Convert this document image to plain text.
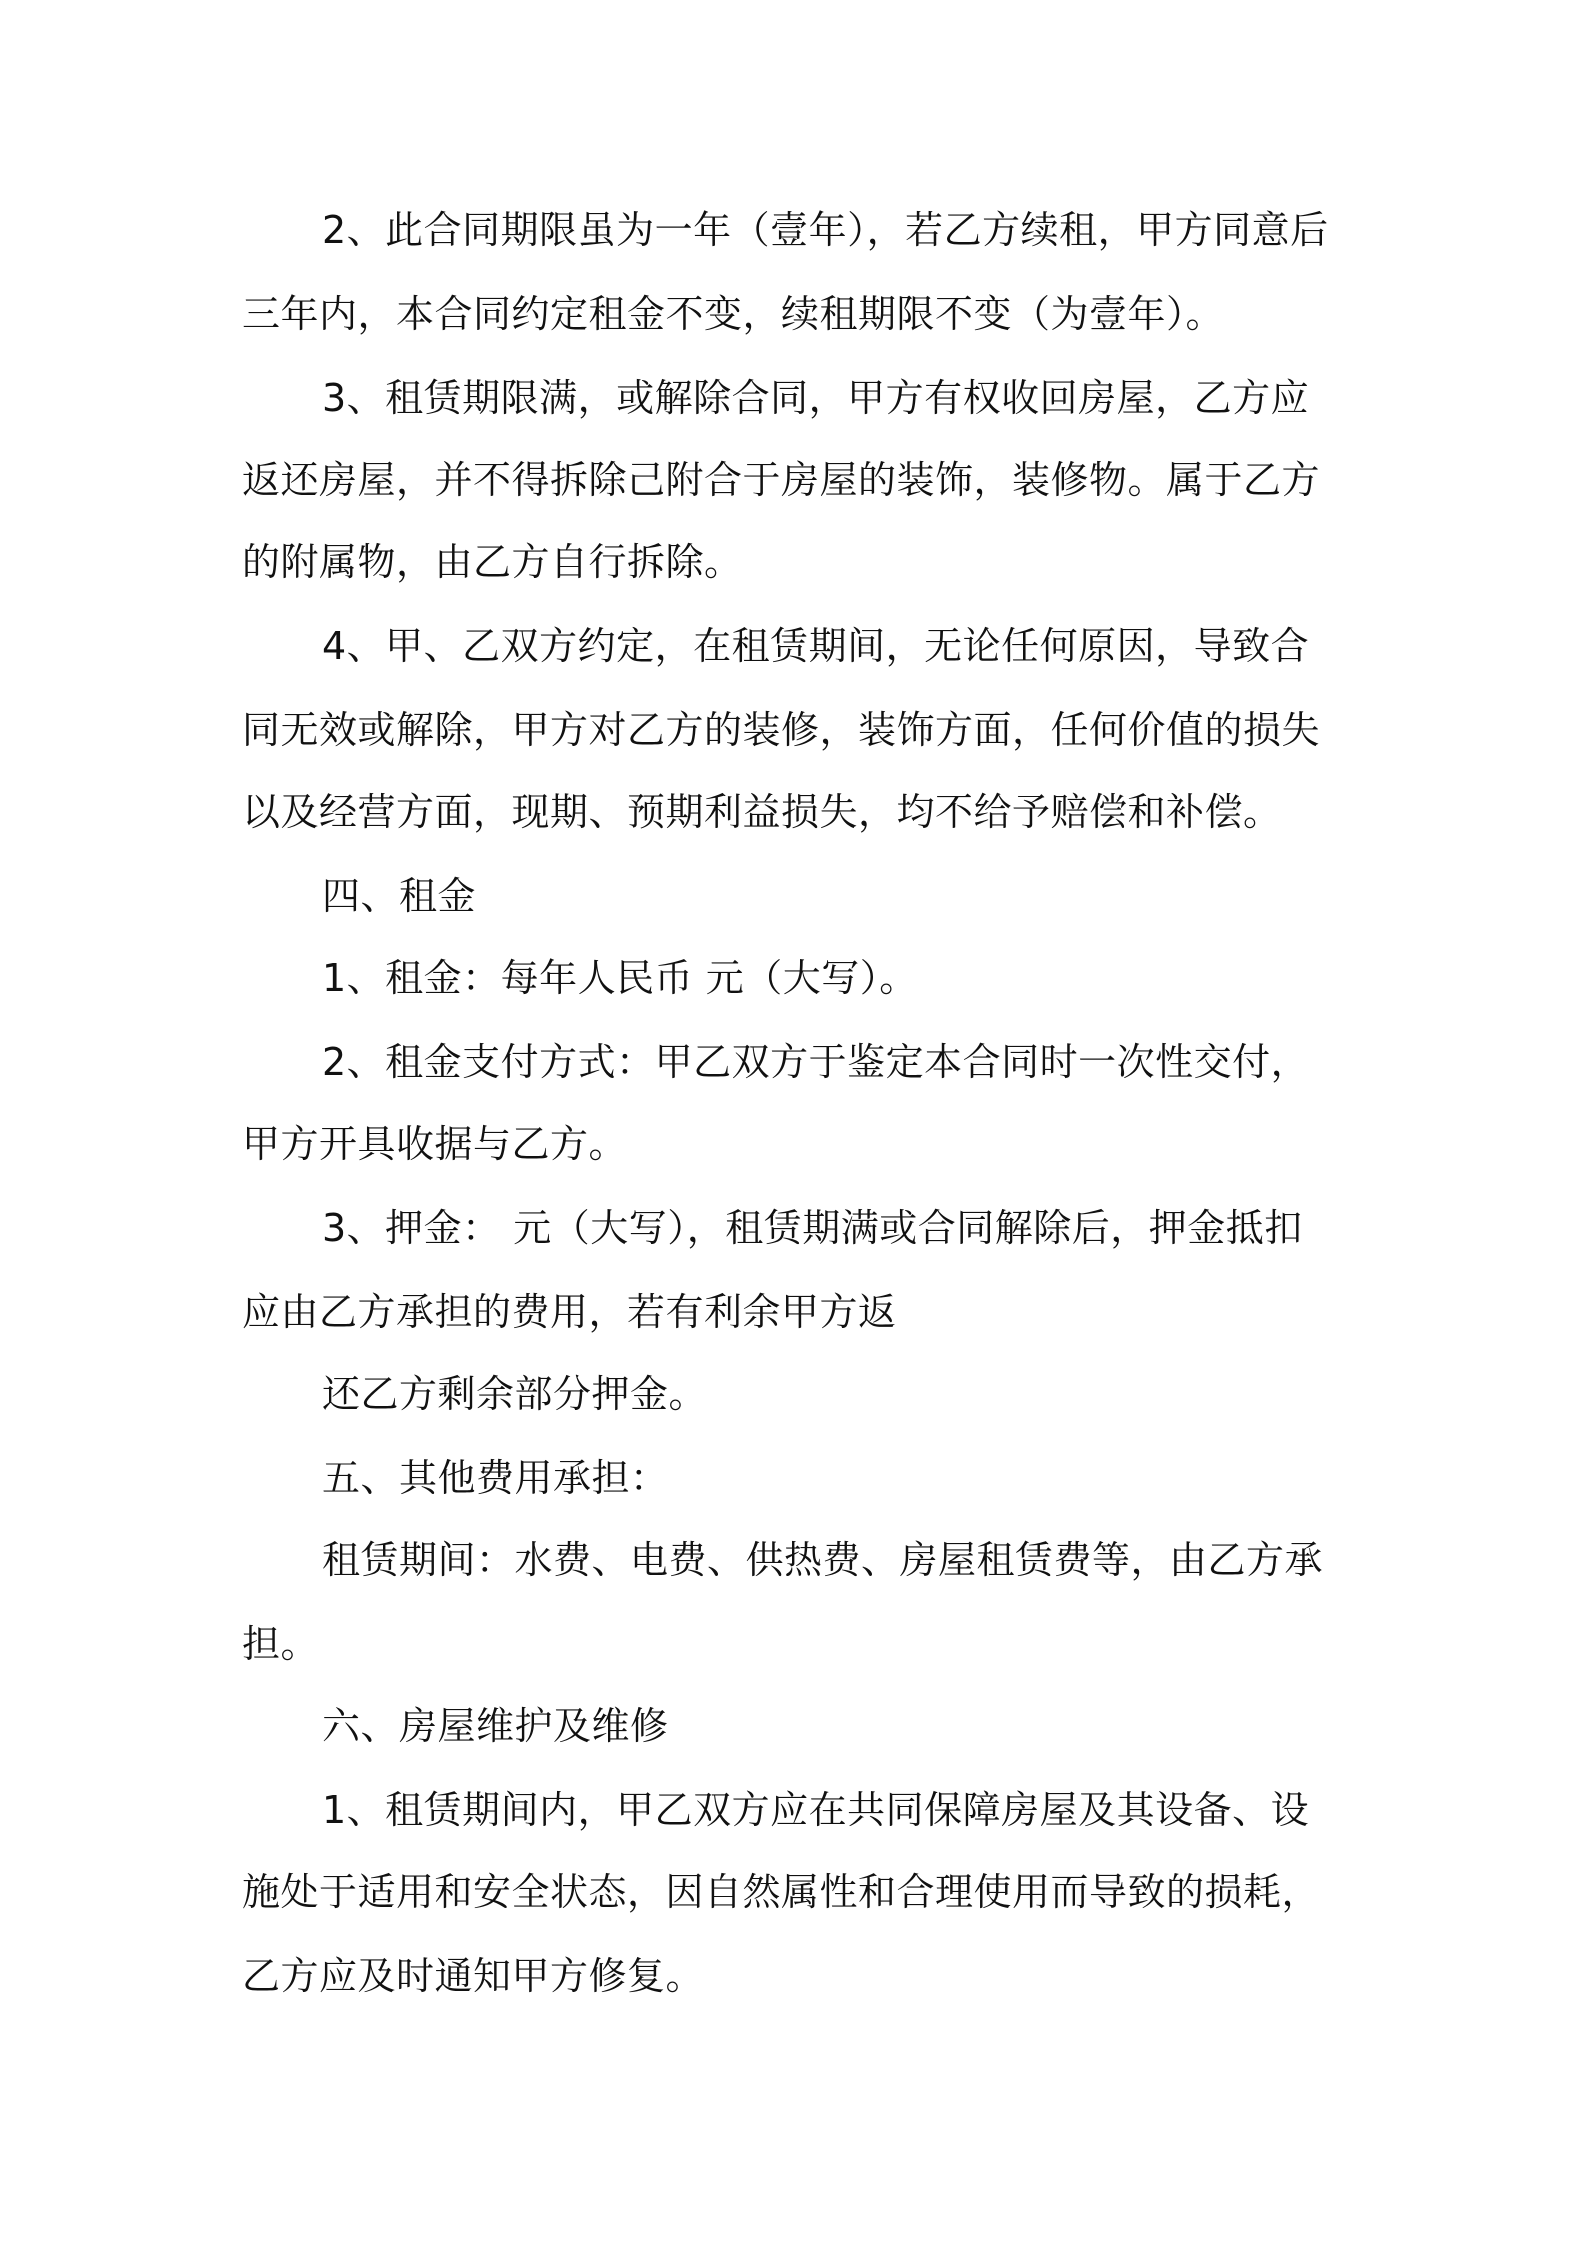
2、此合同期限虽为一年（壹年），若乙方续租，甲方同意后
三年内，本合同约定租金不变，续租期限不变（为壹年）。
3、租赁期限满，或解除合同，甲方有权收回房屋，乙方应
返还房屋，并不得拆除己附合于房屋的装饰，装修物。属于乙方
的附属物，由乙方自行拆除。
4、甲、乙双方约定，在租赁期间，无论任何原因，导致合
同无效或解除，甲方对乙方的装修，装饰方面，任何价值的损失
以及经营方面，现期、预期利益损失，均不给予赔偿和补偿。
四、租金
1、租金：每年人民币 元（大写）。
2、租金支付方式：甲乙双方于鉴定本合同时一次性交付，
甲方开具收据与乙方。
3、押金： 元（大写），租赁期满或合同解除后，押金抵扣
应由乙方承担的费用，若有利余甲方返
还乙方剩余部分押金。
五、其他费用承担：
租赁期间：水费、电费、供热费、房屋租赁费等，由乙方承
担。
六、房屋维护及维修
1、租赁期间内，甲乙双方应在共同保障房屋及其设备、设
施处于适用和安全状态，因自然属性和合理使用而导致的损耗，
乙方应及时通知甲方修复。
